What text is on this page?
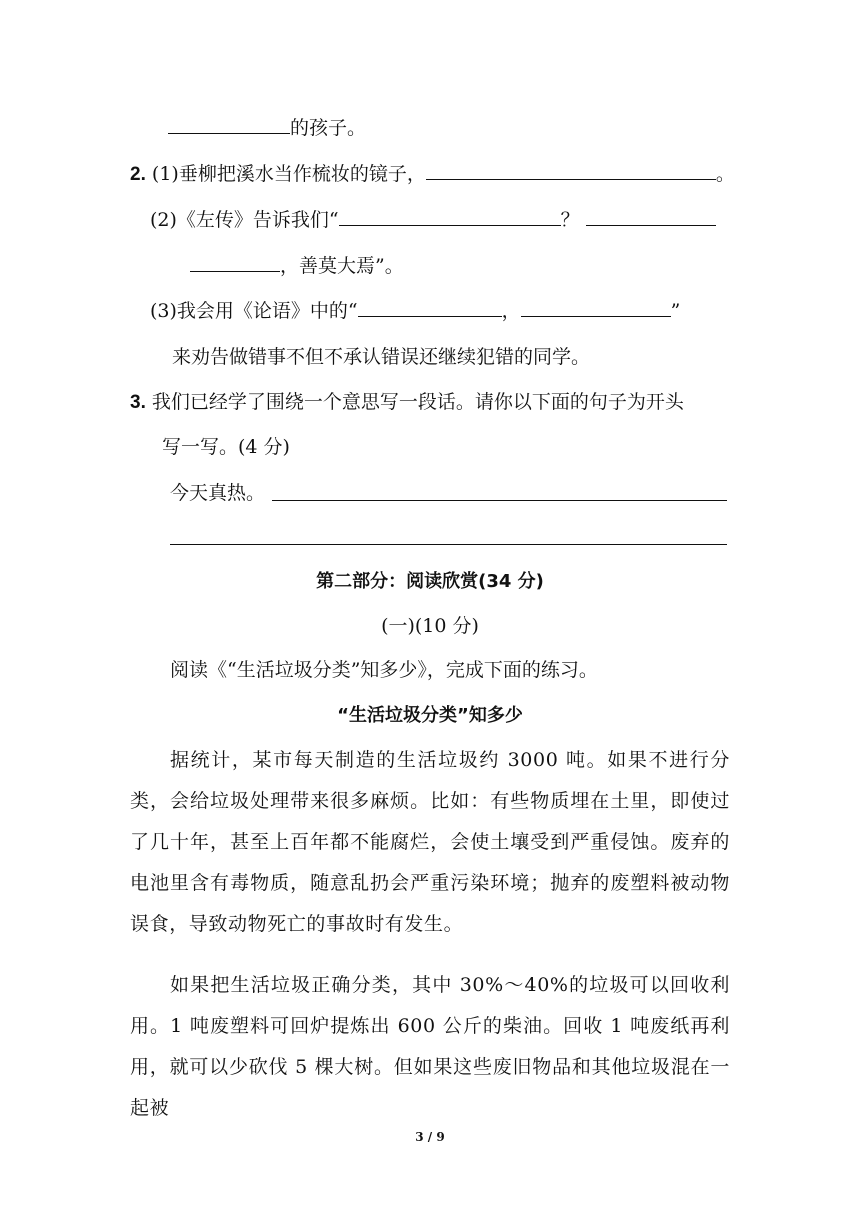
的孩子。
2. (1)垂柳把溪水当作梳妆的镜子，	。
(2)《左传》告诉我们“	？
，善莫大焉”。
(3)我会用《论语》中的“	，	”
来劝告做错事不但不承认错误还继续犯错的同学。
3. 我们已经学了围绕一个意思写一段话。请你以下面的句子为开头
写一写。(4 分)
今天真热。
第二部分：阅读欣赏(34 分)
(一)(10 分)
阅读《“生活垃圾分类”知多少》，完成下面的练习。
“生活垃圾分类”知多少
据统计，某市每天制造的生活垃圾约 3000 吨。如果不进行分类，会给垃圾处理带来很多麻烦。比如：有些物质埋在土里，即使过了几十年，甚至上百年都不能腐烂，会使土壤受到严重侵蚀。废弃的电池里含有毒物质，随意乱扔会严重污染环境；抛弃的废塑料被动物误食，导致动物死亡的事故时有发生。
如果把生活垃圾正确分类，其中 30%～40%的垃圾可以回收利用。1 吨废塑料可回炉提炼出 600 公斤的柴油。回收 1 吨废纸再利用，就可以少砍伐 5 棵大树。但如果这些废旧物品和其他垃圾混在一起被
3 / 9
